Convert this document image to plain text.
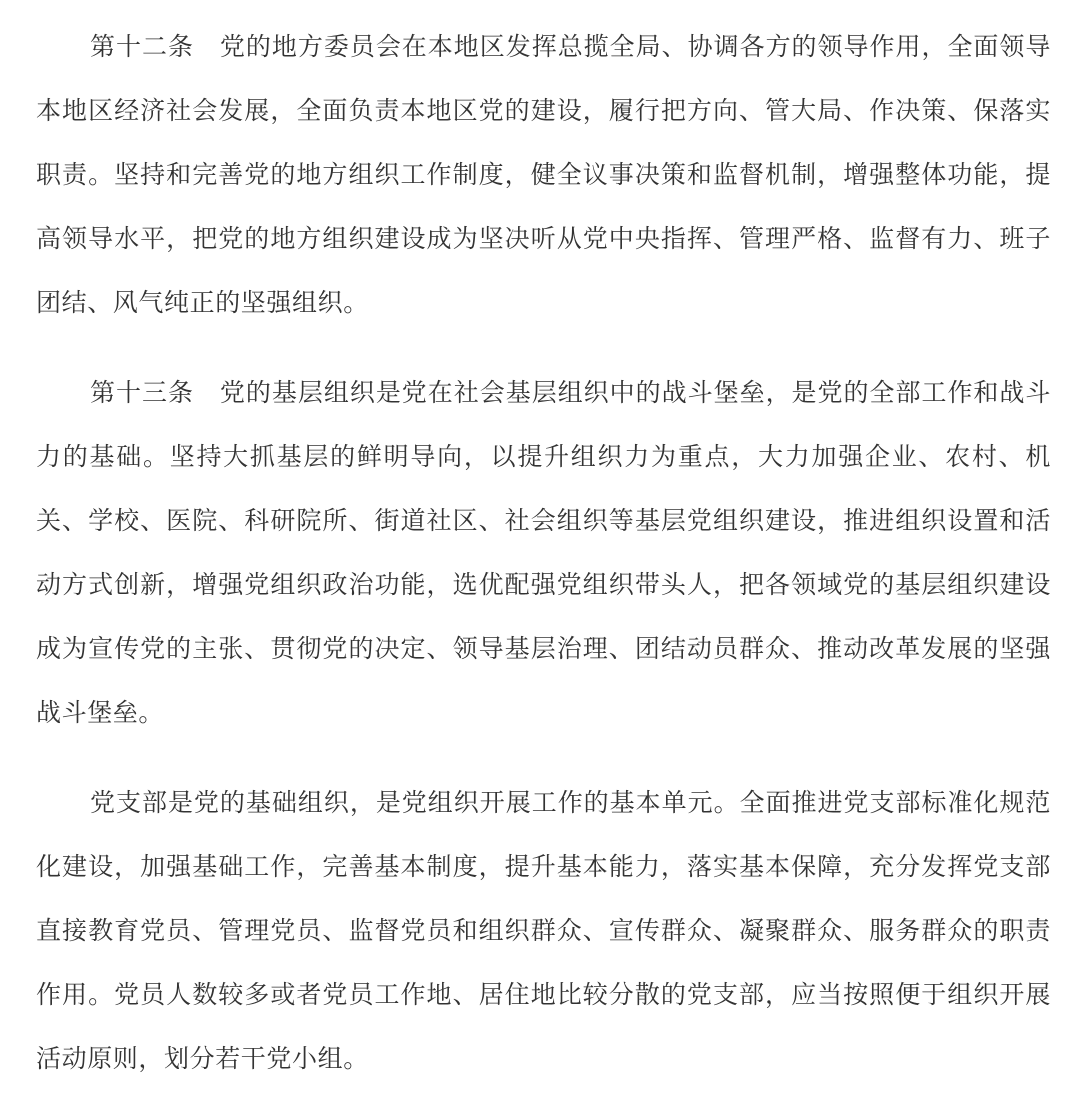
第十二条　 党的地方委员会在本地区发挥总揽全局、协调各方的领导作用，全面领导本地区经济社会发展，全面负责本地区党的建设，履行把方向、管大局、作决策、保落实职责。坚持和完善党的地方组织工作制度，健全议事决策和监督机制，增强整体功能，提高领导水平，把党的地方组织建设成为坚决听从党中央指挥、管理严格、监督有力、班子团结、风气纯正的坚强组织。

第十三条　 党的基层组织是党在社会基层组织中的战斗堡垒，是党的全部工作和战斗力的基础。坚持大抓基层的鲜明导向，以提升组织力为重点，大力加强企业、农村、机关、学校、医院、科研院所、街道社区、社会组织等基层党组织建设，推进组织设置和活动方式创新，增强党组织政治功能，选优配强党组织带头人，把各领域党的基层组织建设成为宣传党的主张、贯彻党的决定、领导基层治理、团结动员群众、推动改革发展的坚强战斗堡垒。

党支部是党的基础组织，是党组织开展工作的基本单元。全面推进党支部标准化规范化建设，加强基础工作，完善基本制度，提升基本能力，落实基本保障，充分发挥党支部直接教育党员、管理党员、监督党员和组织群众、宣传群众、凝聚群众、服务群众的职责作用。党员人数较多或者党员工作地、居住地比较分散的党支部，应当按照便于组织开展活动原则，划分若干党小组。
